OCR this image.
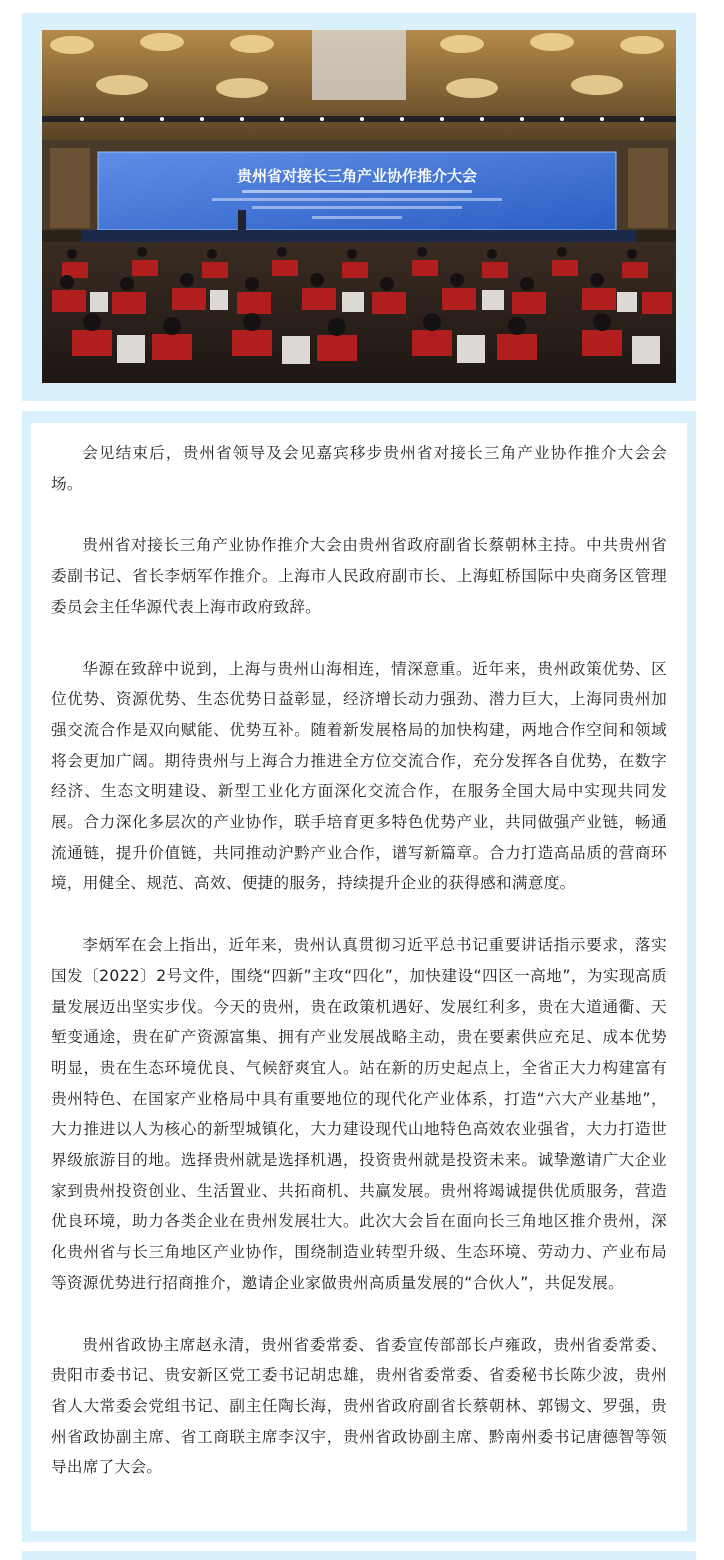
贵州省对接长三角产业协作推介大会

会见结束后，贵州省领导及会见嘉宾移步贵州省对接长三角产业协作推介大会会场。

贵州省对接长三角产业协作推介大会由贵州省政府副省长蔡朝林主持。中共贵州省委副书记、省长李炳军作推介。上海市人民政府副市长、上海虹桥国际中央商务区管理委员会主任华源代表上海市政府致辞。

华源在致辞中说到，上海与贵州山海相连，情深意重。近年来，贵州政策优势、区位优势、资源优势、生态优势日益彰显，经济增长动力强劲、潜力巨大，上海同贵州加强交流合作是双向赋能、优势互补。随着新发展格局的加快构建，两地合作空间和领域将会更加广阔。期待贵州与上海合力推进全方位交流合作，充分发挥各自优势，在数字经济、生态文明建设、新型工业化方面深化交流合作，在服务全国大局中实现共同发展。合力深化多层次的产业协作，联手培育更多特色优势产业，共同做强产业链，畅通流通链，提升价值链，共同推动沪黔产业合作，谱写新篇章。合力打造高品质的营商环境，用健全、规范、高效、便捷的服务，持续提升企业的获得感和满意度。

李炳军在会上指出，近年来，贵州认真贯彻习近平总书记重要讲话指示要求，落实国发〔2022〕2号文件，围绕“四新”主攻“四化”，加快建设“四区一高地”，为实现高质量发展迈出坚实步伐。今天的贵州，贵在政策机遇好、发展红利多，贵在大道通衢、天堑变通途，贵在矿产资源富集、拥有产业发展战略主动，贵在要素供应充足、成本优势明显，贵在生态环境优良、气候舒爽宜人。站在新的历史起点上，全省正大力构建富有贵州特色、在国家产业格局中具有重要地位的现代化产业体系，打造“六大产业基地”，大力推进以人为核心的新型城镇化，大力建设现代山地特色高效农业强省，大力打造世界级旅游目的地。选择贵州就是选择机遇，投资贵州就是投资未来。诚挚邀请广大企业家到贵州投资创业、生活置业、共拓商机、共赢发展。贵州将竭诚提供优质服务，营造优良环境，助力各类企业在贵州发展壮大。此次大会旨在面向长三角地区推介贵州，深化贵州省与长三角地区产业协作，围绕制造业转型升级、生态环境、劳动力、产业布局等资源优势进行招商推介，邀请企业家做贵州高质量发展的“合伙人”，共促发展。

贵州省政协主席赵永清，贵州省委常委、省委宣传部部长卢雍政，贵州省委常委、贵阳市委书记、贵安新区党工委书记胡忠雄，贵州省委常委、省委秘书长陈少波，贵州省人大常委会党组书记、副主任陶长海，贵州省政府副省长蔡朝林、郭锡文、罗强，贵州省政协副主席、省工商联主席李汉宇，贵州省政协副主席、黔南州委书记唐德智等领导出席了大会。
